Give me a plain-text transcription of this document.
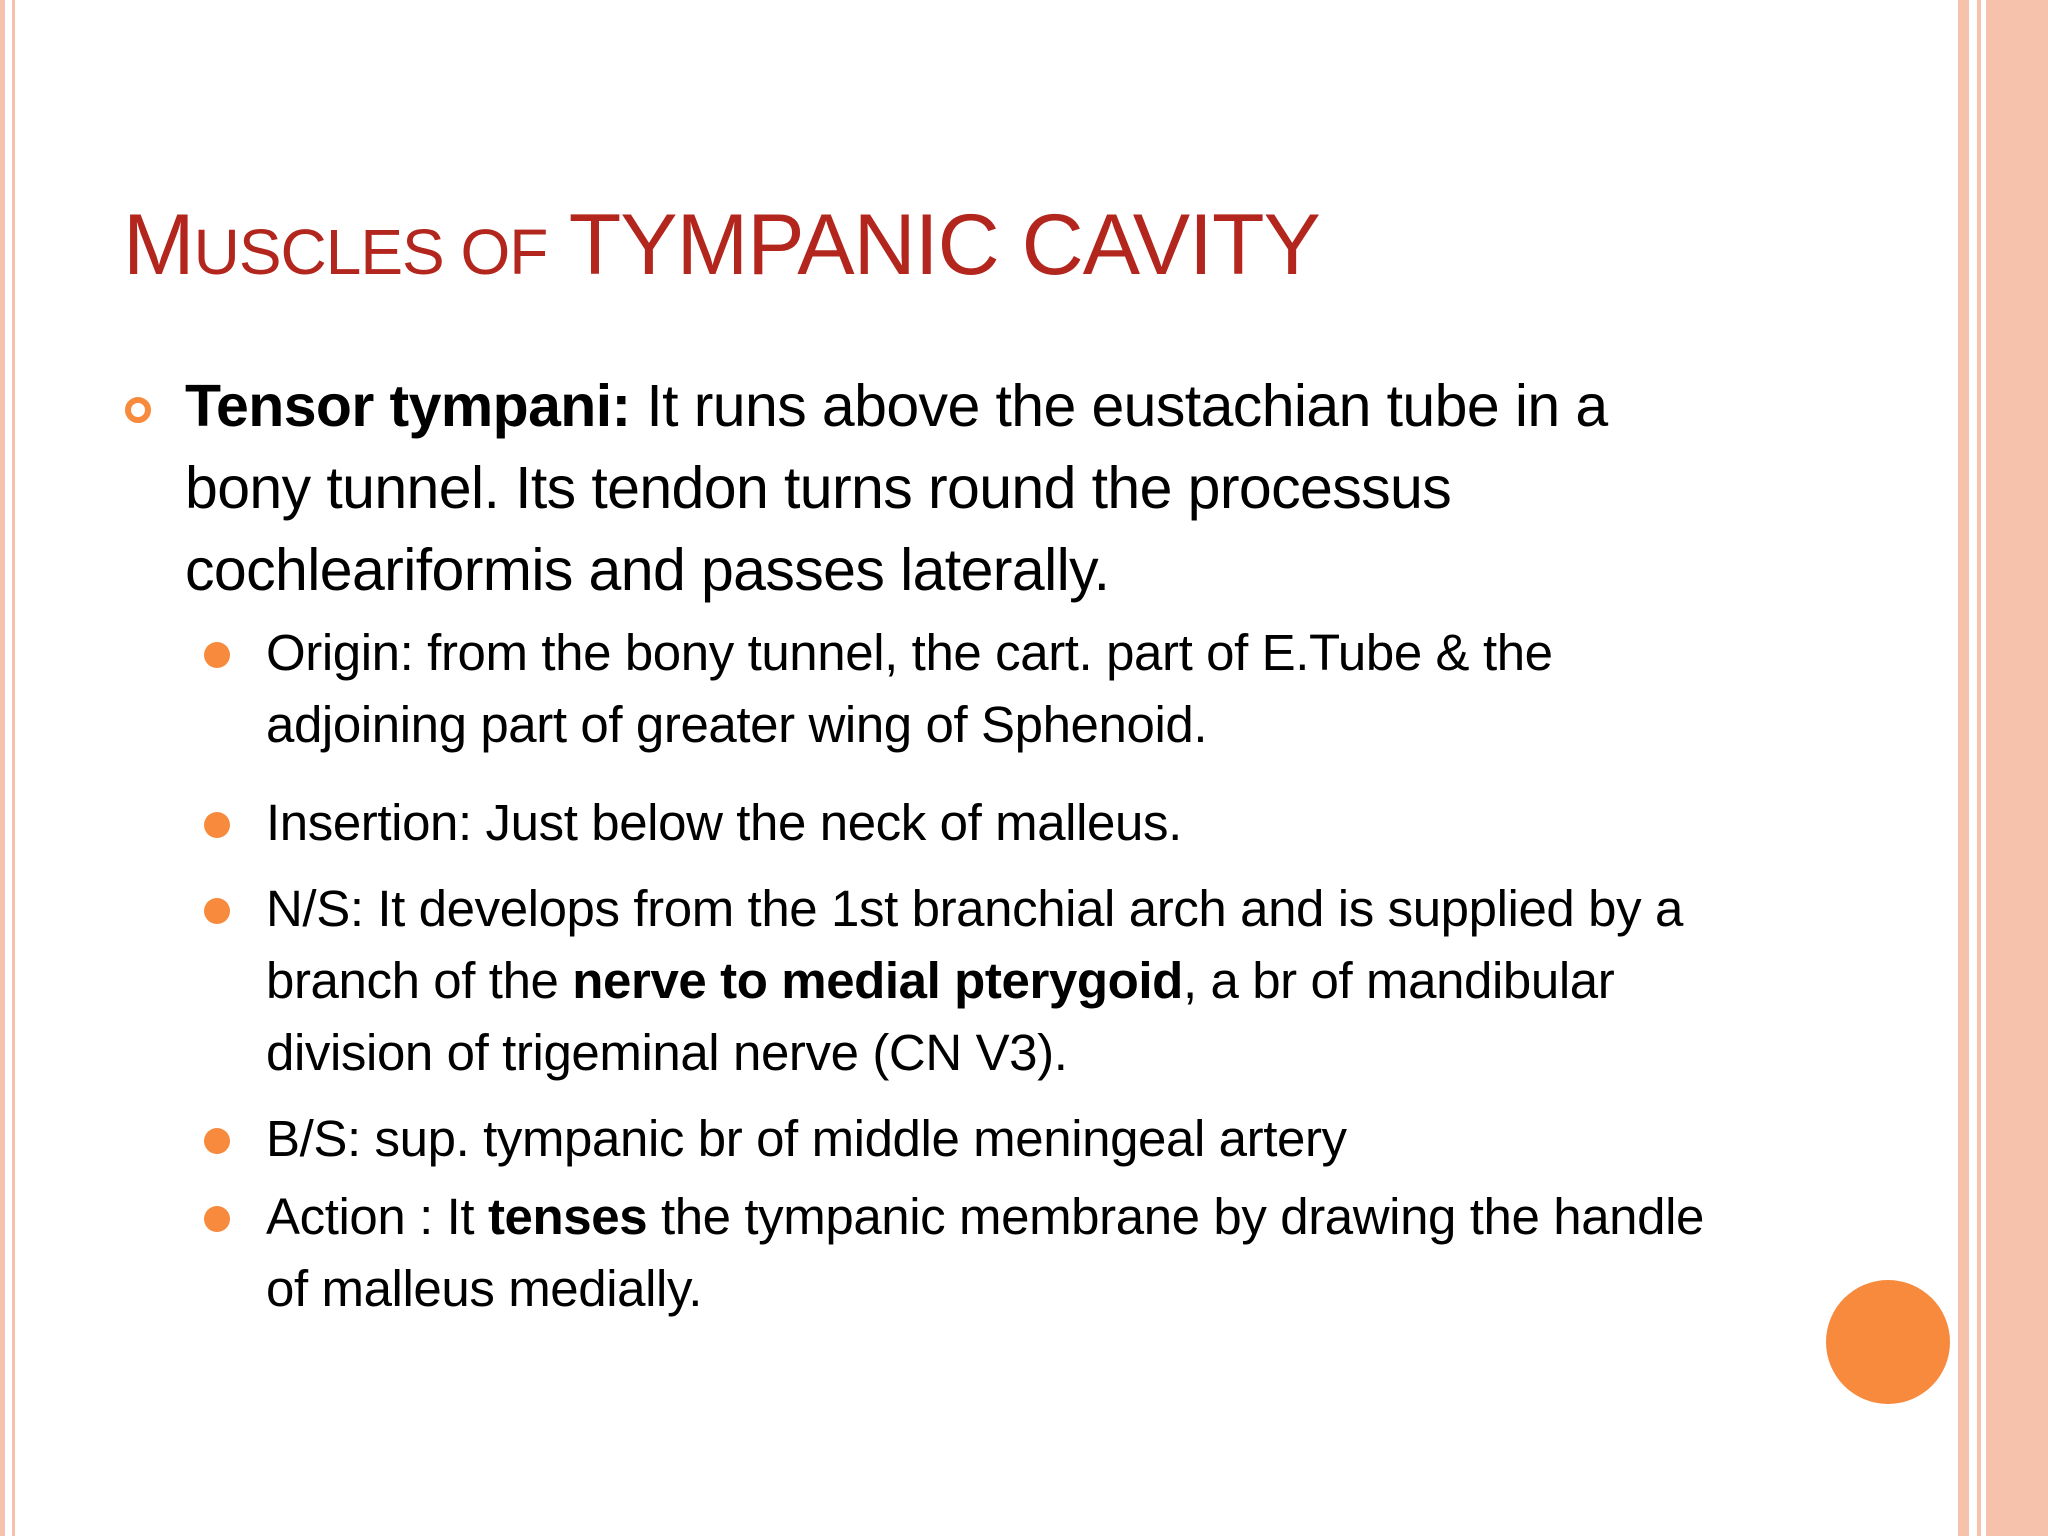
MUSCLES OF TYMPANIC CAVITY

Tensor tympani: It runs above the eustachian tube in a bony tunnel. Its tendon turns round the processus cochleariformis and passes laterally.

Origin: from the bony tunnel, the cart. part of E.Tube & the adjoining part of greater wing of Sphenoid.
Insertion: Just below the neck of malleus.
N/S: It develops from the 1st branchial arch and is supplied by a branch of the nerve to medial pterygoid, a br of mandibular division of trigeminal nerve (CN V3).
B/S: sup. tympanic br of middle meningeal artery
Action : It tenses the tympanic membrane by drawing the handle of malleus medially.
